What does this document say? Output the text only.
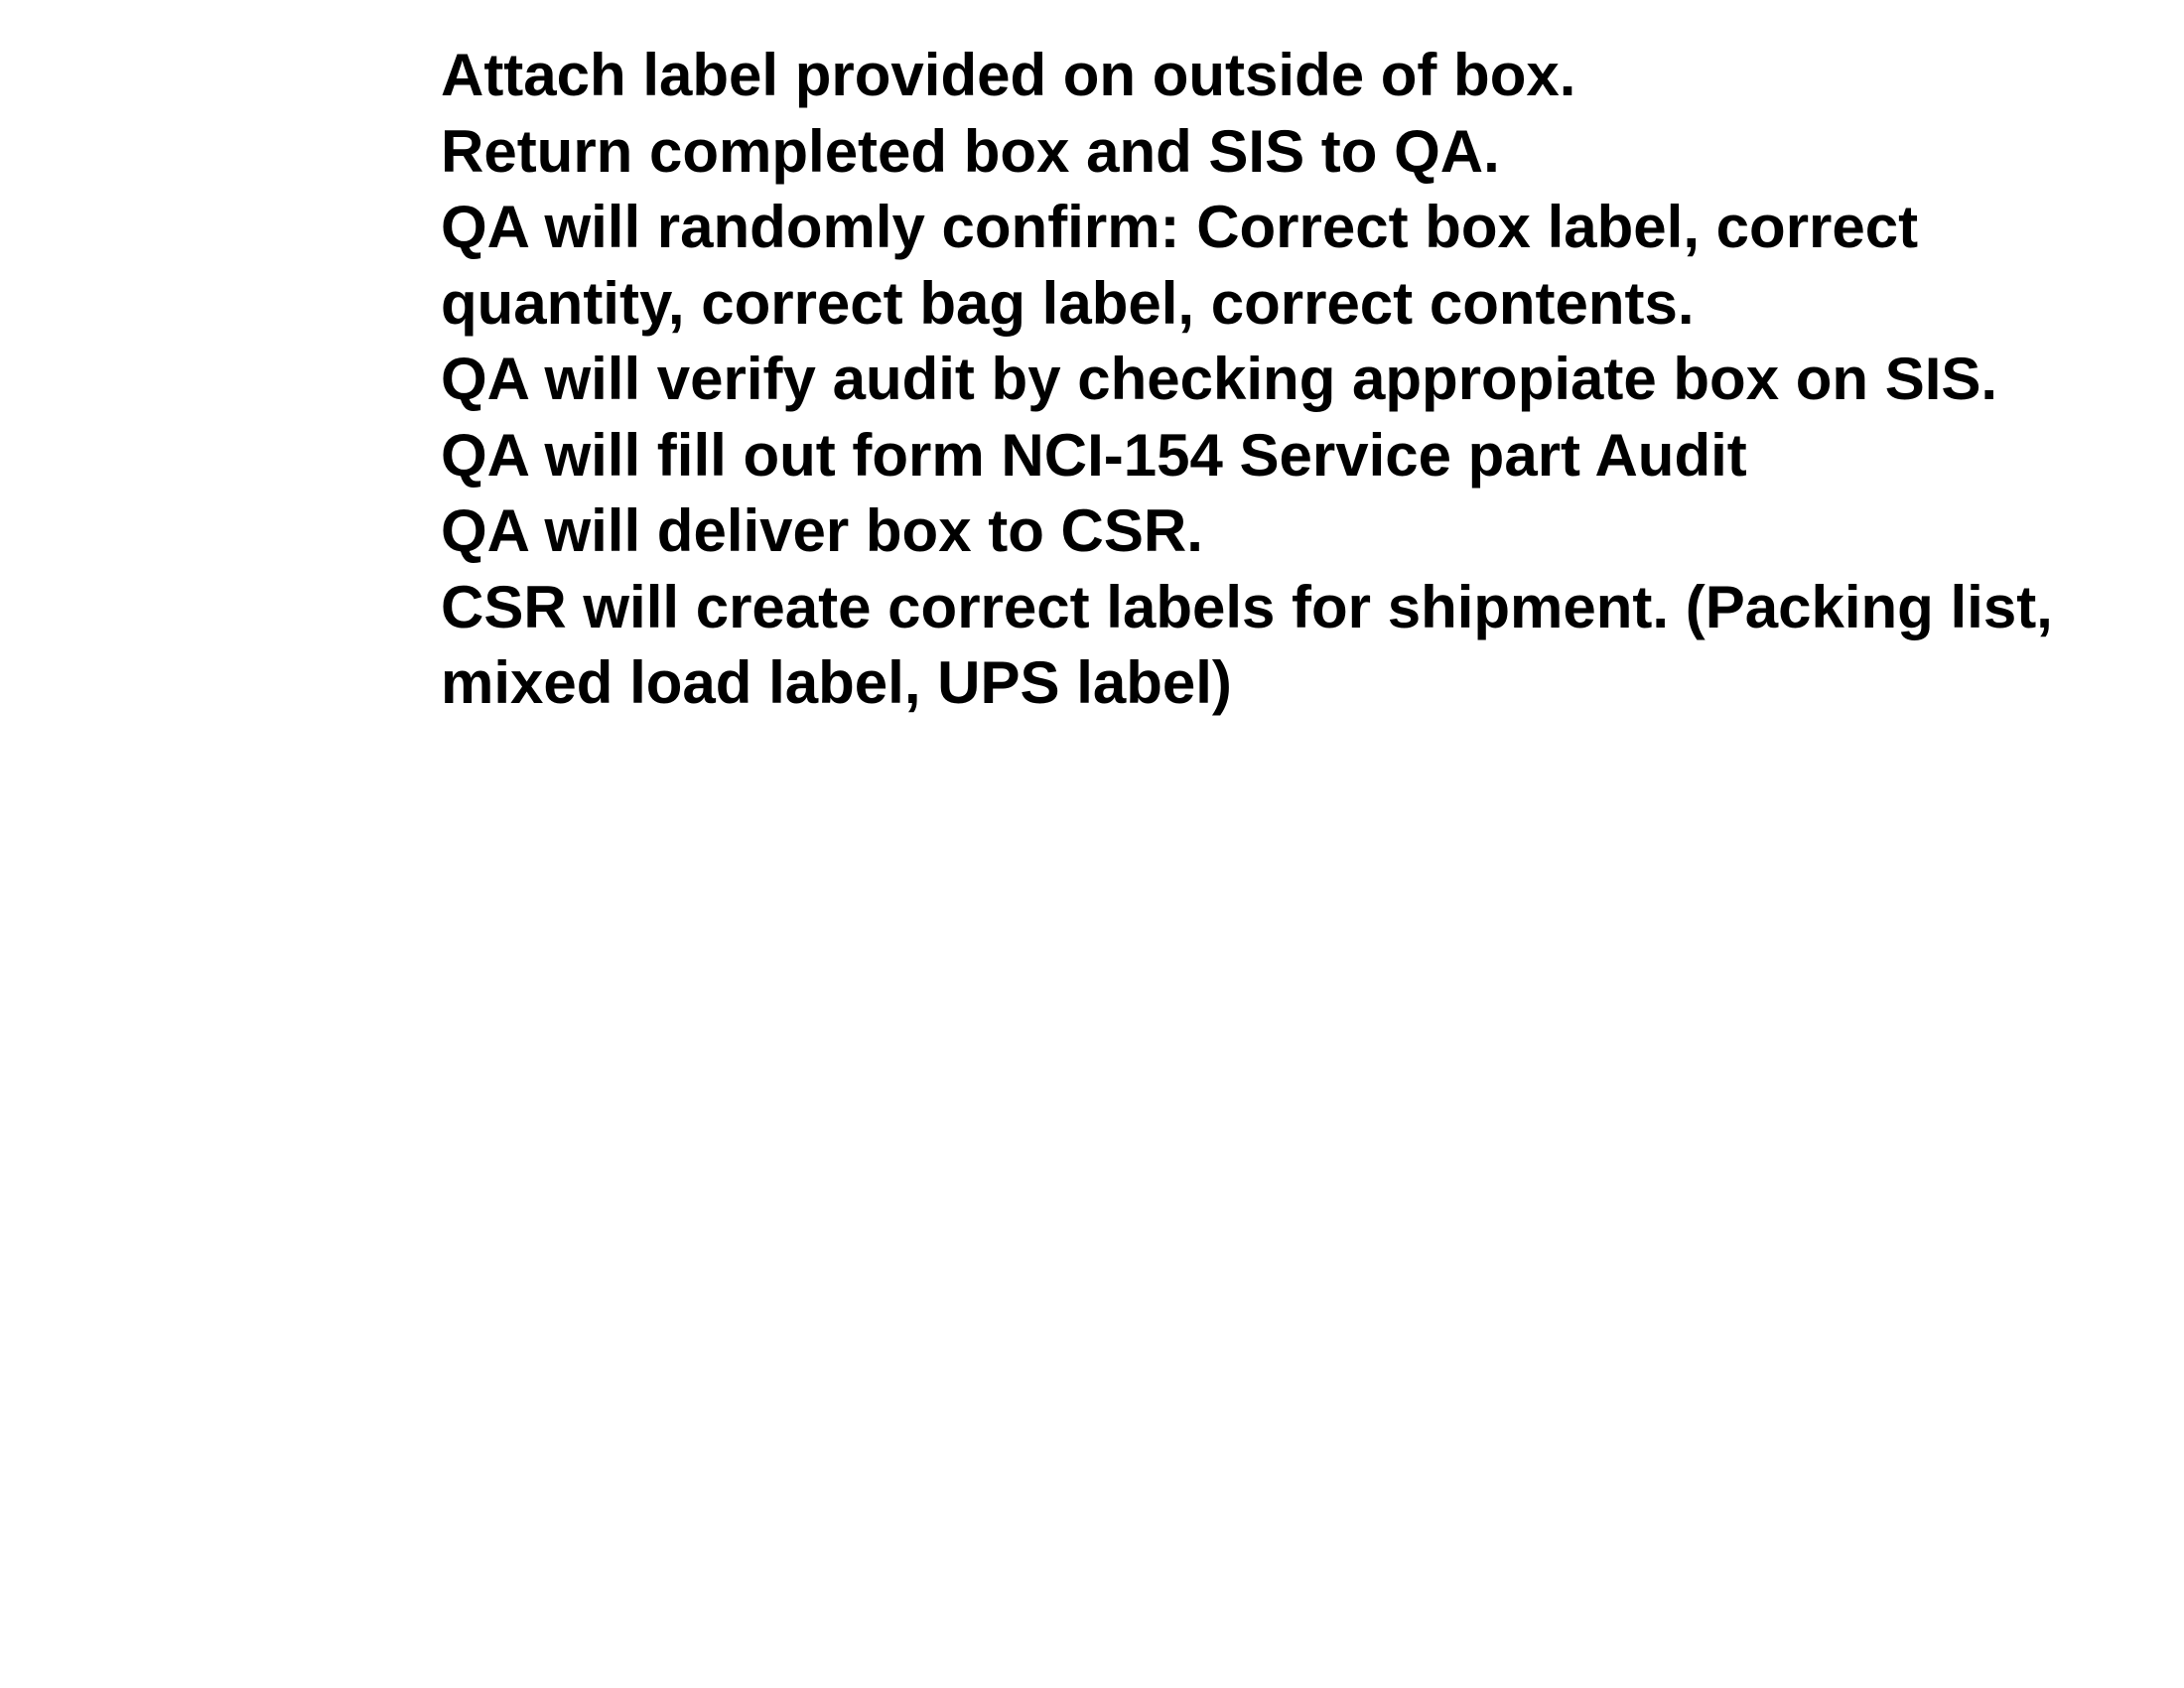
Attach label provided on outside of box.
Return completed box and SIS to QA.
QA will randomly confirm: Correct box label, correct quantity, correct bag label, correct contents.
QA will verify audit by checking appropiate box on SIS.
QA will fill out form NCI-154 Service part Audit
QA will deliver box to CSR.
CSR will create correct labels for shipment. (Packing list, mixed load label, UPS label)
